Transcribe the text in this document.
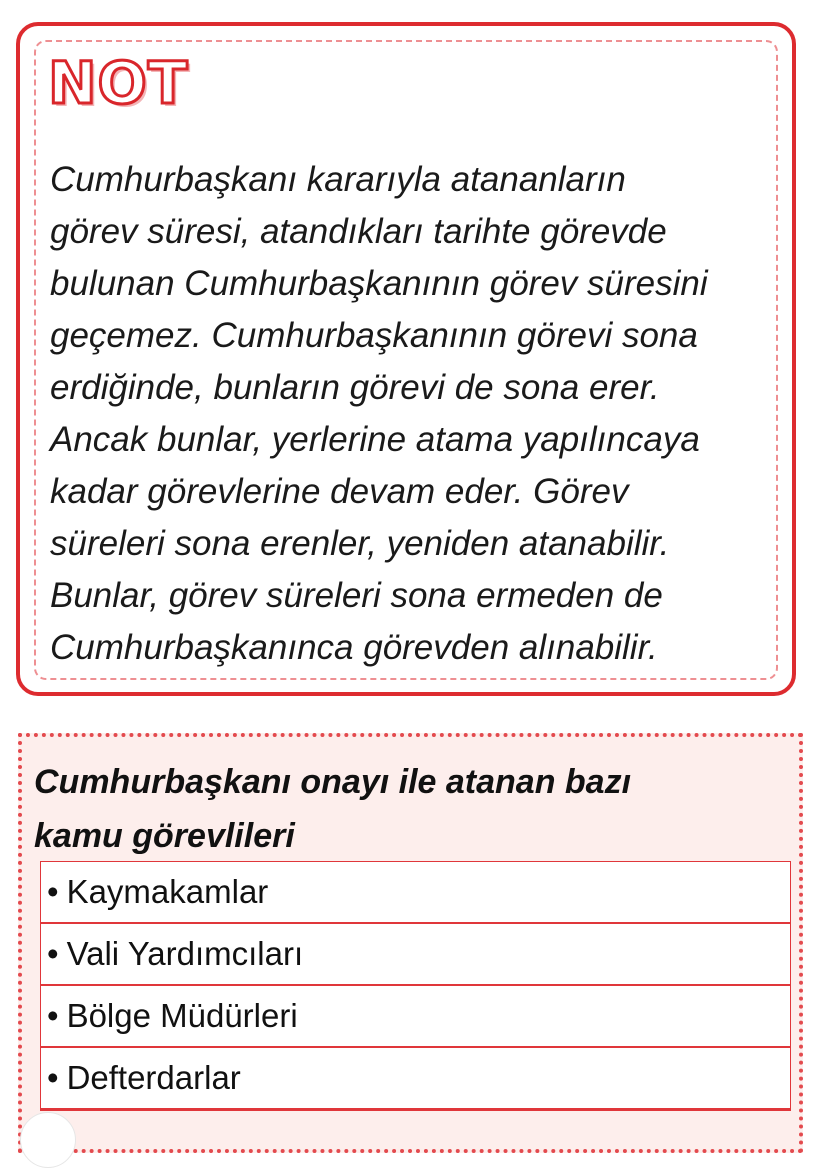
NOT

Cumhurbaşkanı kararıyla atananların
görev süresi, atandıkları tarihte görevde
bulunan Cumhurbaşkanının görev süresini
geçemez. Cumhurbaşkanının görevi sona
erdiğinde, bunların görevi de sona erer.
Ancak bunlar, yerlerine atama yapılıncaya
kadar görevlerine devam eder. Görev
süreleri sona erenler, yeniden atanabilir.
Bunlar, görev süreleri sona ermeden de
Cumhurbaşkanınca görevden alınabilir.

Cumhurbaşkanı onayı ile atanan bazı
kamu görevlileri

• Kaymakamlar
• Vali Yardımcıları
• Bölge Müdürleri
• Defterdarlar
